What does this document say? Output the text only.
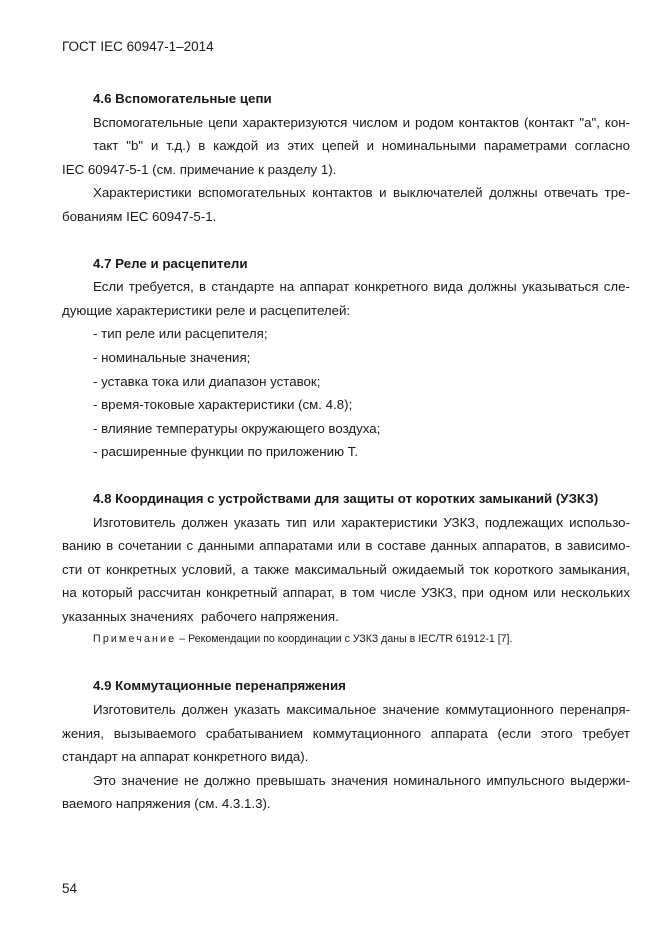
ГОСТ IEC 60947-1–2014

4.6 Вспомогательные цепи

Вспомогательные цепи характеризуются числом и родом контактов (контакт "а", кон-
такт "b" и т.д.) в каждой из этих цепей и номинальными параметрами согласно
IEC 60947-5-1 (см. примечание к разделу 1).

Характеристики вспомогательных контактов и выключателей должны отвечать тре-
бованиям IEC 60947-5-1.

4.7 Реле и расцепители

Если требуется, в стандарте на аппарат конкретного вида должны указываться сле-
дующие характеристики реле и расцепителей:

- тип реле или расцепителя;
- номинальные значения;
- уставка тока или диапазон уставок;
- время-токовые характеристики (см. 4.8);
- влияние температуры окружающего воздуха;
- расширенные функции по приложению Т.

4.8 Координация с устройствами для защиты от коротких замыканий (УЗКЗ)

Изготовитель должен указать тип или характеристики УЗКЗ, подлежащих использо-
ванию в сочетании с данными аппаратами или в составе данных аппаратов, в зависимо-
сти от конкретных условий, а также максимальный ожидаемый ток короткого замыкания,
на который рассчитан конкретный аппарат, в том числе УЗКЗ, при одном или нескольких
указанных значениях  рабочего напряжения.

Примечание – Рекомендации по координации с УЗКЗ даны в IEC/TR 61912-1 [7].

4.9 Коммутационные перенапряжения

Изготовитель должен указать максимальное значение коммутационного перенапря-
жения, вызываемого срабатыванием коммутационного аппарата (если этого требует
стандарт на аппарат конкретного вида).

Это значение не должно превышать значения номинального импульсного выдержи-
ваемого напряжения (см. 4.3.1.3).

54
